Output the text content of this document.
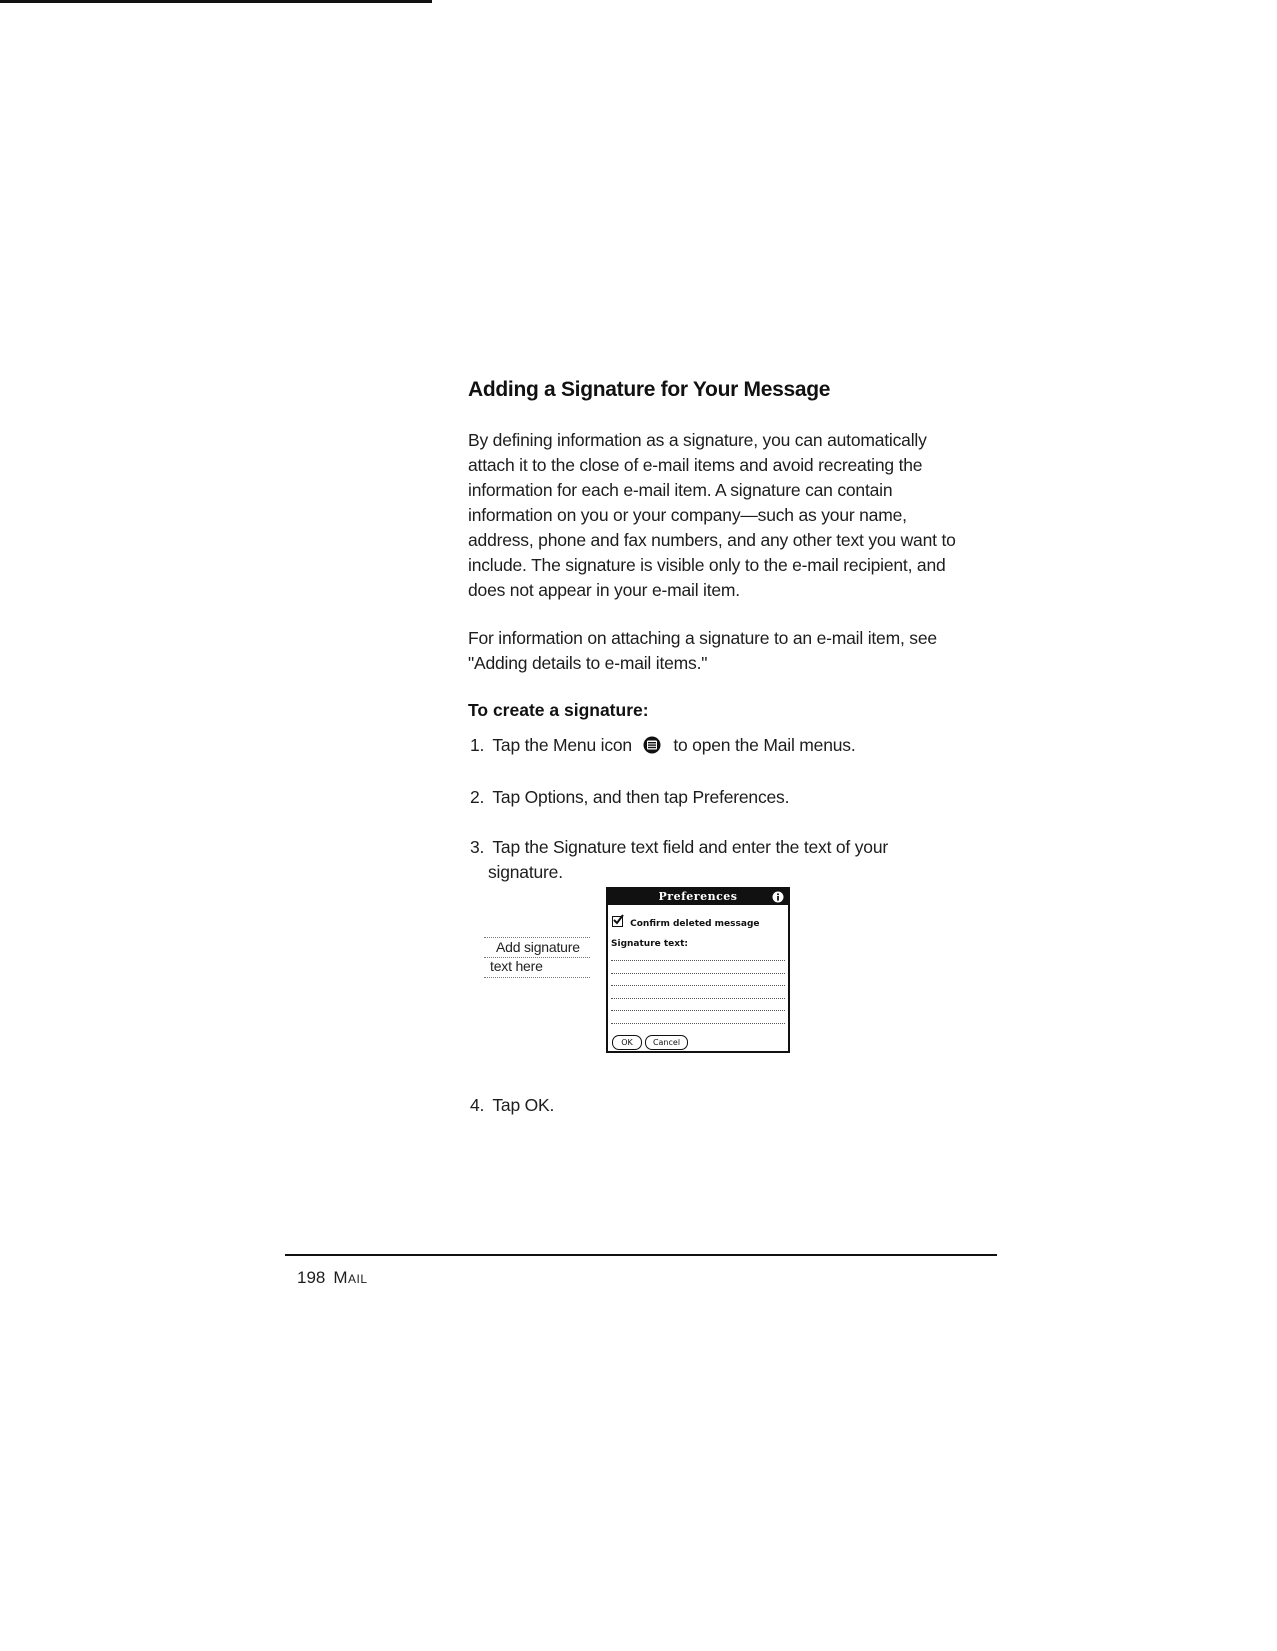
Adding a Signature for Your Message

By defining information as a signature, you can automatically attach it to the close of e-mail items and avoid recreating the information for each e-mail item. A signature can contain information on you or your company—such as your name, address, phone and fax numbers, and any other text you want to include. The signature is visible only to the e-mail recipient, and does not appear in your e-mail item.

For information on attaching a signature to an e-mail item, see "Adding details to e-mail items."

To create a signature:

1. Tap the Menu icon to open the Mail menus.

2. Tap Options, and then tap Preferences.

3. Tap the Signature text field and enter the text of your
signature.

Add signature
text here
Preferences
Confirm deleted message
Signature text:
OK	Cancel

4. Tap OK.

198 Mail
